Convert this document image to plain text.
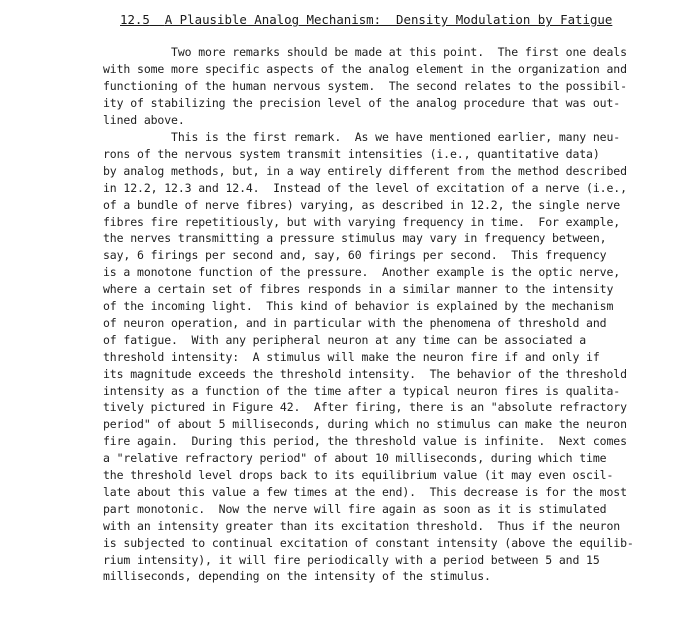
12.5 A Plausible Analog Mechanism:  Density Modulation by Fatigue
Two more remarks should be made at this point.  The first one deals
with some more specific aspects of the analog element in the organization and
functioning of the human nervous system.  The second relates to the possibil-
ity of stabilizing the precision level of the analog procedure that was out-
lined above.
This is the first remark.  As we have mentioned earlier, many neu-
rons of the nervous system transmit intensities (i.e., quantitative data)
by analog methods, but, in a way entirely different from the method described
in 12.2, 12.3 and 12.4.  Instead of the level of excitation of a nerve (i.e.,
of a bundle of nerve fibres) varying, as described in 12.2, the single nerve
fibres fire repetitiously, but with varying frequency in time.  For example,
the nerves transmitting a pressure stimulus may vary in frequency between,
say, 6 firings per second and, say, 60 firings per second.  This frequency
is a monotone function of the pressure.  Another example is the optic nerve,
where a certain set of fibres responds in a similar manner to the intensity
of the incoming light.  This kind of behavior is explained by the mechanism
of neuron operation, and in particular with the phenomena of threshold and
of fatigue.  With any peripheral neuron at any time can be associated a
threshold intensity:  A stimulus will make the neuron fire if and only if
its magnitude exceeds the threshold intensity.  The behavior of the threshold
intensity as a function of the time after a typical neuron fires is qualita-
tively pictured in Figure 42.  After firing, there is an "absolute refractory
period" of about 5 milliseconds, during which no stimulus can make the neuron
fire again.  During this period, the threshold value is infinite.  Next comes
a "relative refractory period" of about 10 milliseconds, during which time
the threshold level drops back to its equilibrium value (it may even oscil-
late about this value a few times at the end).  This decrease is for the most
part monotonic.  Now the nerve will fire again as soon as it is stimulated
with an intensity greater than its excitation threshold.  Thus if the neuron
is subjected to continual excitation of constant intensity (above the equilib-
rium intensity), it will fire periodically with a period between 5 and 15
milliseconds, depending on the intensity of the stimulus.
